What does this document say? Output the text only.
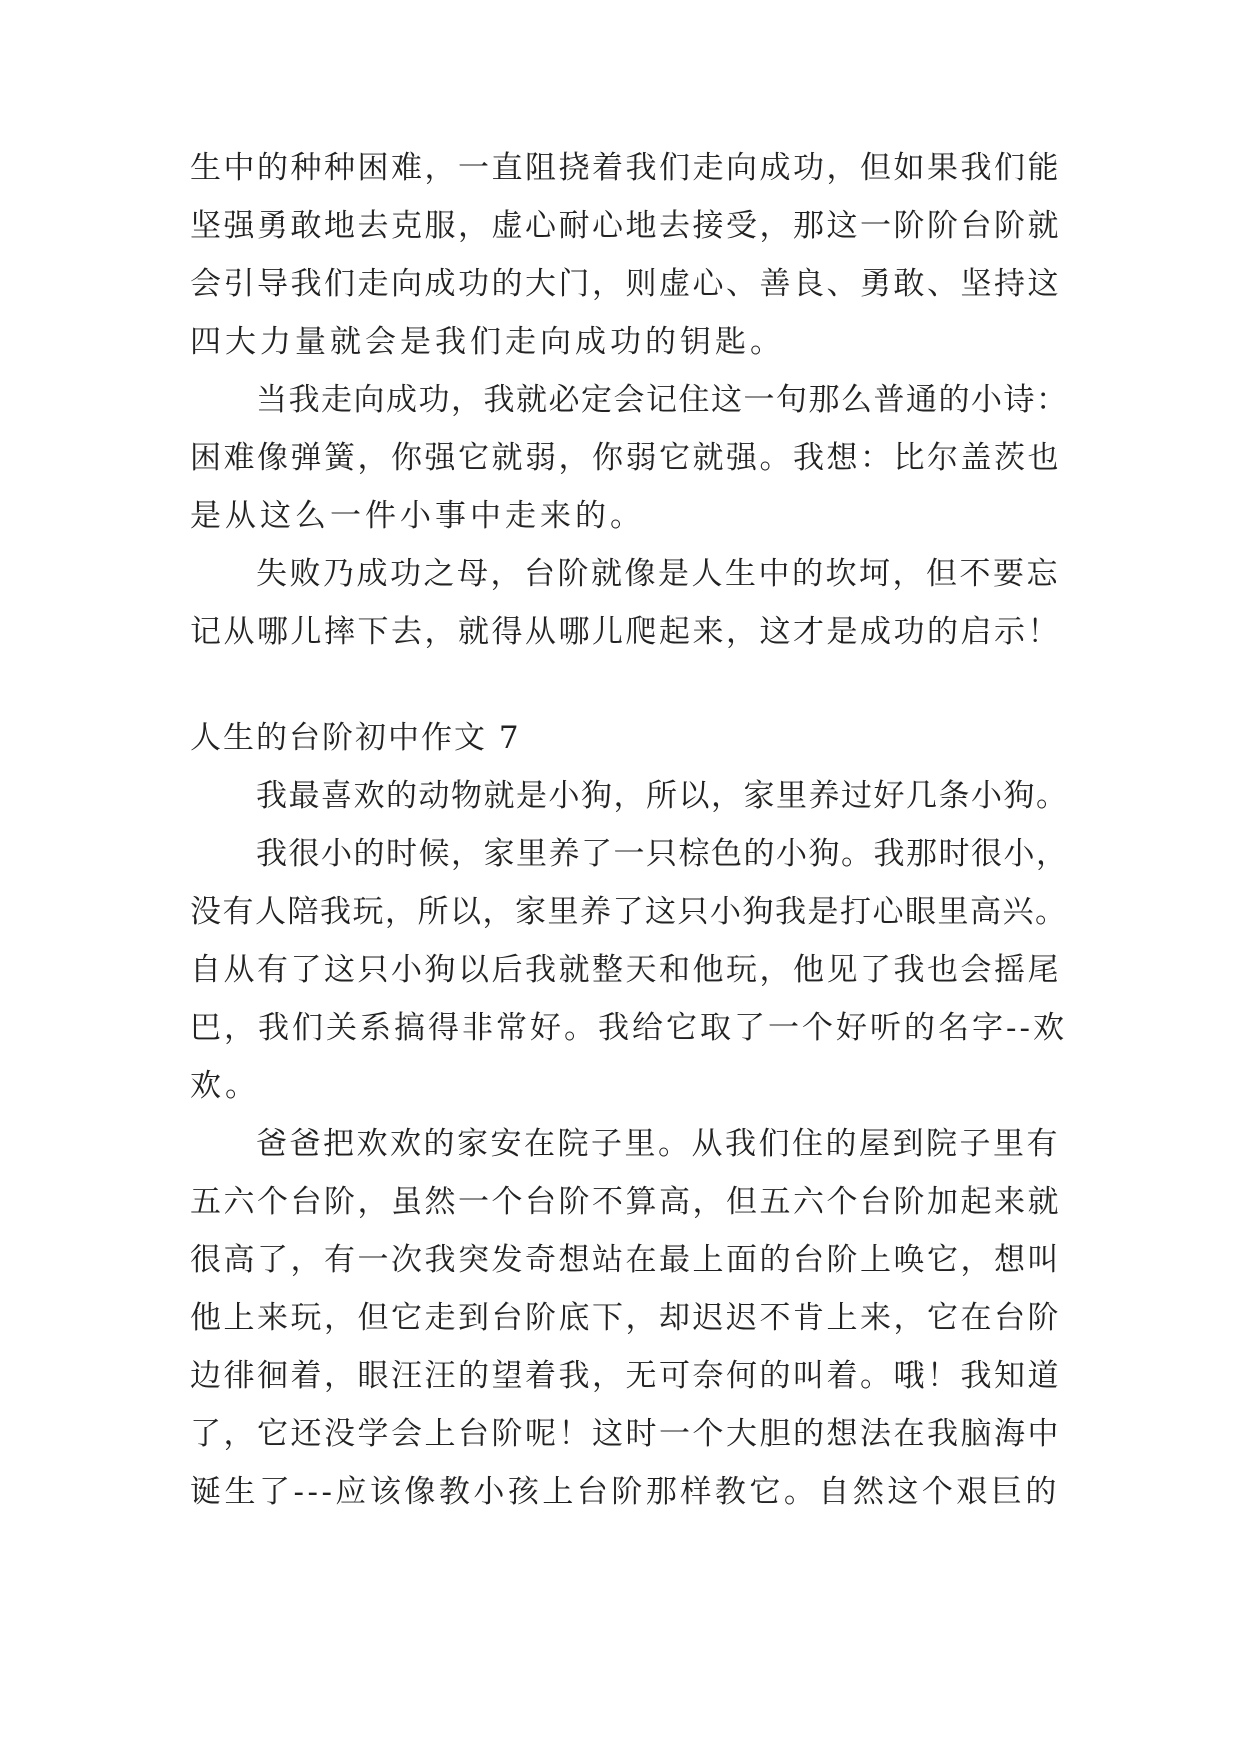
生中的种种困难，一直阻挠着我们走向成功，但如果我们能
坚强勇敢地去克服，虚心耐心地去接受，那这一阶阶台阶就
会引导我们走向成功的大门，则虚心、善良、勇敢、坚持这
四大力量就会是我们走向成功的钥匙。
当我走向成功，我就必定会记住这一句那么普通的小诗：
困难像弹簧，你强它就弱，你弱它就强。我想：比尔盖茨也
是从这么一件小事中走来的。
失败乃成功之母，台阶就像是人生中的坎坷，但不要忘
记从哪儿摔下去，就得从哪儿爬起来，这才是成功的启示！
人生的台阶初中作文 7
我最喜欢的动物就是小狗，所以，家里养过好几条小狗。
我很小的时候，家里养了一只棕色的小狗。我那时很小，
没有人陪我玩，所以，家里养了这只小狗我是打心眼里高兴。
自从有了这只小狗以后我就整天和他玩，他见了我也会摇尾
巴，我们关系搞得非常好。我给它取了一个好听的名字--欢
欢。
爸爸把欢欢的家安在院子里。从我们住的屋到院子里有
五六个台阶，虽然一个台阶不算高，但五六个台阶加起来就
很高了，有一次我突发奇想站在最上面的台阶上唤它，想叫
他上来玩，但它走到台阶底下，却迟迟不肯上来，它在台阶
边徘徊着，眼汪汪的望着我，无可奈何的叫着。哦！我知道
了，它还没学会上台阶呢！这时一个大胆的想法在我脑海中
诞生了---应该像教小孩上台阶那样教它。自然这个艰巨的
